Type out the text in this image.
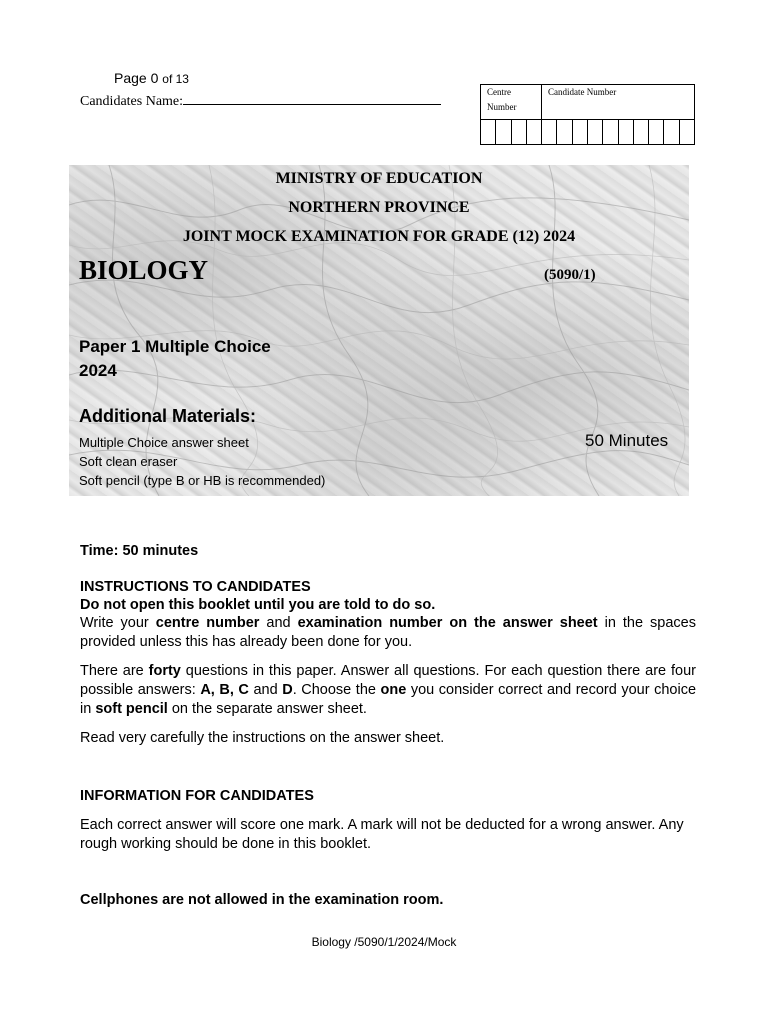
Page 0 of 13
Candidates Name:
Centre Number
Candidate Number
MINISTRY OF EDUCATION
NORTHERN PROVINCE
JOINT MOCK EXAMINATION FOR GRADE (12) 2024
BIOLOGY	(5090/1)
Paper 1 Multiple Choice
2024
Additional Materials:
Multiple Choice answer sheet
Soft clean eraser
Soft pencil (type B or HB is recommended)
50 Minutes
Time: 50 minutes
INSTRUCTIONS TO CANDIDATES
Do not open this booklet until you are told to do so.
Write your centre number and examination number on the answer sheet in the spaces provided unless this has already been done for you.
There are forty questions in this paper. Answer all questions. For each question there are four possible answers: A, B, C and D. Choose the one you consider correct and record your choice in soft pencil on the separate answer sheet.
Read very carefully the instructions on the answer sheet.
INFORMATION FOR CANDIDATES
Each correct answer will score one mark. A mark will not be deducted for a wrong answer. Any rough working should be done in this booklet.
Cellphones are not allowed in the examination room.
Biology /5090/1/2024/Mock
